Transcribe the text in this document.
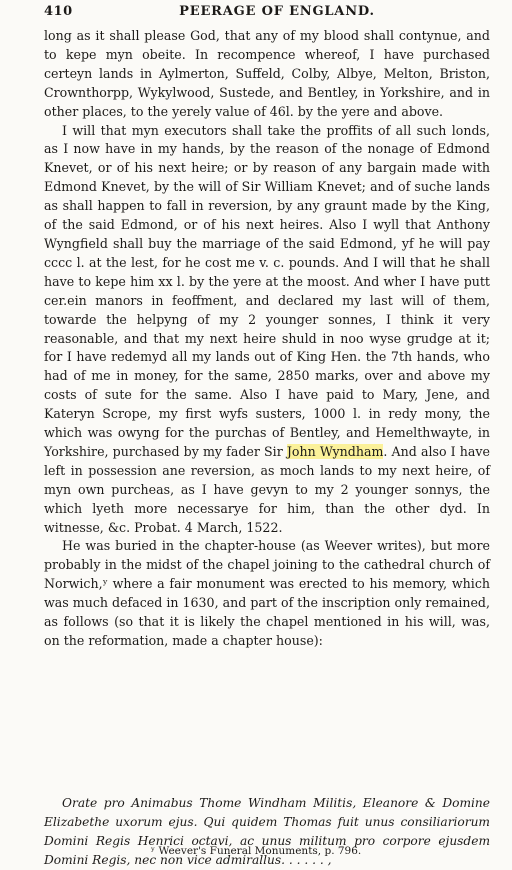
410	PEERAGE OF ENGLAND.

long as it shall please God, that any of my blood shall contynue, and to kepe myn obeite. In recompence whereof, I have purchased certeyn lands in Aylmerton, Suffeld, Colby, Albye, Melton, Briston, Crownthorpp, Wykylwood, Sustede, and Bentley, in Yorkshire, and in other places, to the yerely value of 46l. by the yere and above.

I will that myn executors shall take the proffits of all such londs, as I now have in my hands, by the reason of the nonage of Edmond Knevet, or of his next heire; or by reason of any bargain made with Edmond Knevet, by the will of Sir William Knevet; and of suche lands as shall happen to fall in reversion, by any graunt made by the King, of the said Edmond, or of his next heires. Also I wyll that Anthony Wyngfield shall buy the marriage of the said Edmond, yf he will pay cccc l. at the lest, for he cost me v. c. pounds. And I will that he shall have to kepe him xx l. by the yere at the moost. And wher I have putt cer.ein manors in feoffment, and declared my last will of them, towarde the helpyng of my 2 younger sonnes, I think it very reasonable, and that my next heire shuld in noo wyse grudge at it; for I have redemyd all my lands out of King Hen. the 7th hands, who had of me in money, for the same, 2850 marks, over and above my costs of sute for the same. Also I have paid to Mary, Jene, and Kateryn Scrope, my first wyfs susters, 1000 l. in redy mony, the which was owyng for the purchas of Bentley, and Hemelthwayte, in Yorkshire, purchased by my fader Sir John Wyndham. And also I have left in possession ane reversion, as moch lands to my next heire, of myn own purcheas, as I have gevyn to my 2 younger sonnys, the which lyeth more necessarye for him, than the other dyd. In witnesse, &c. Probat. 4 March, 1522.

He was buried in the chapter-house (as Weever writes), but more probably in the midst of the chapel joining to the cathedral church of Norwich,ʸ where a fair monument was erected to his memory, which was much defaced in 1630, and part of the inscription only remained, as follows (so that it is likely the chapel mentioned in his will, was, on the reformation, made a chapter house):

Orate pro Animabus Thome Windham Militis, Eleanore & Domine Elizabethe uxorum ejus. Qui quidem Thomas fuit unus consiliariorum Domini Regis Henrici octavi, ac unus militum pro corpore ejusdem Domini Regis, nec non vice admirallus. . . . . . ,
ʸ Weever's Funeral Monuments, p. 796.
